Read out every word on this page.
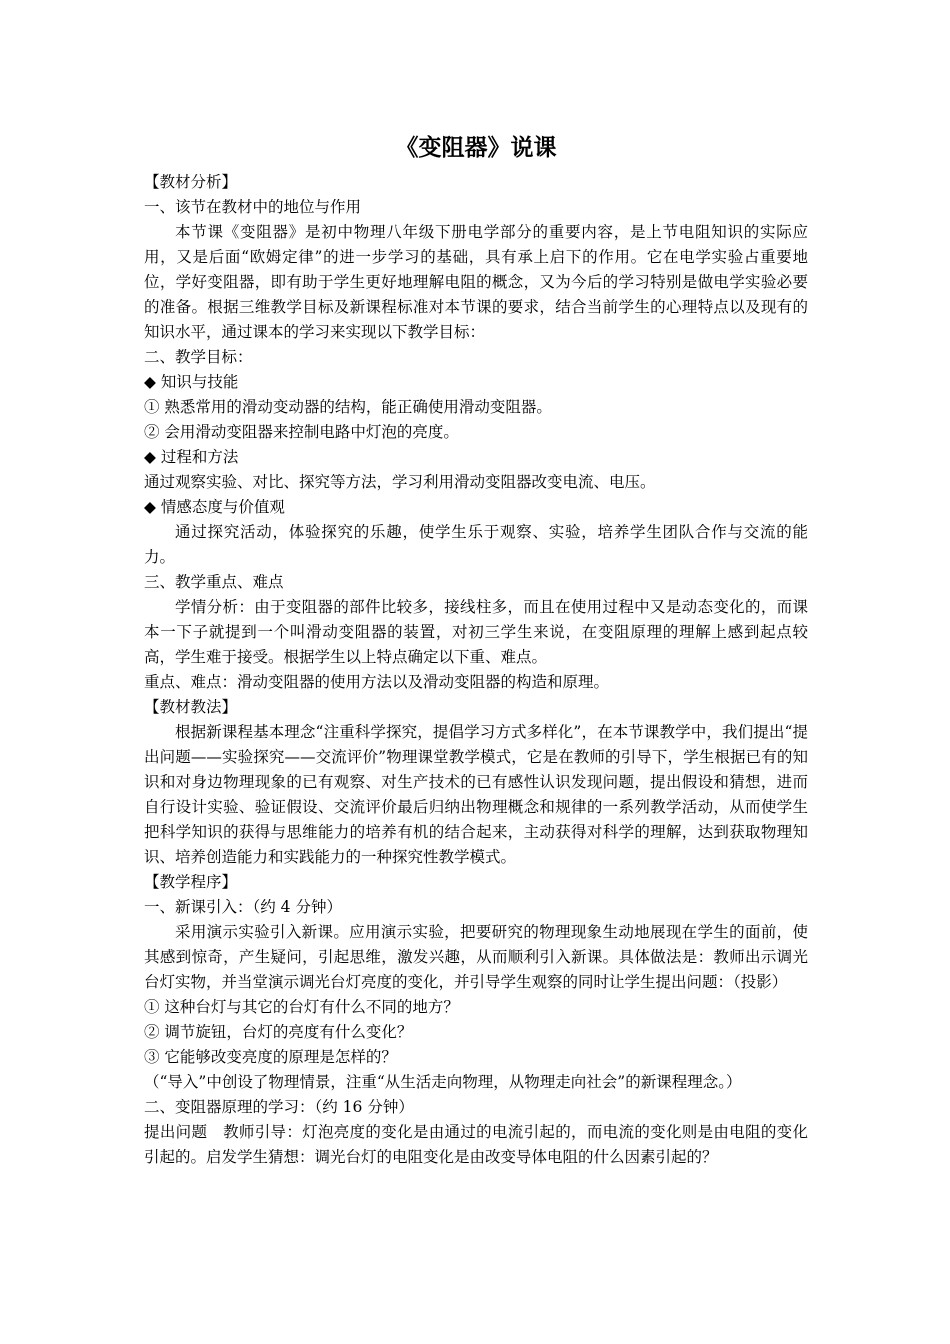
《变阻器》说课

【教材分析】

一、该节在教材中的地位与作用

本节课《变阻器》是初中物理八年级下册电学部分的重要内容，是上节电阻知识的实际应用，又是后面“欧姆定律”的进一步学习的基础，具有承上启下的作用。它在电学实验占重要地位，学好变阻器，即有助于学生更好地理解电阻的概念，又为今后的学习特别是做电学实验必要的准备。根据三维教学目标及新课程标准对本节课的要求，结合当前学生的心理特点以及现有的知识水平，通过课本的学习来实现以下教学目标：

二、教学目标：

◆ 知识与技能

① 熟悉常用的滑动变动器的结构，能正确使用滑动变阻器。

② 会用滑动变阻器来控制电路中灯泡的亮度。

◆ 过程和方法

通过观察实验、对比、探究等方法，学习利用滑动变阻器改变电流、电压。

◆ 情感态度与价值观

通过探究活动，体验探究的乐趣，使学生乐于观察、实验，培养学生团队合作与交流的能力。

三、教学重点、难点

学情分析：由于变阻器的部件比较多，接线柱多，而且在使用过程中又是动态变化的，而课本一下子就提到一个叫滑动变阻器的装置，对初三学生来说，在变阻原理的理解上感到起点较高，学生难于接受。根据学生以上特点确定以下重、难点。

重点、难点：滑动变阻器的使用方法以及滑动变阻器的构造和原理。

【教材教法】

根据新课程基本理念“注重科学探究，提倡学习方式多样化”，在本节课教学中，我们提出“提出问题——实验探究——交流评价”物理课堂教学模式，它是在教师的引导下，学生根据已有的知识和对身边物理现象的已有观察、对生产技术的已有感性认识发现问题，提出假设和猜想，进而自行设计实验、验证假设、交流评价最后归纳出物理概念和规律的一系列教学活动，从而使学生把科学知识的获得与思维能力的培养有机的结合起来，主动获得对科学的理解，达到获取物理知识、培养创造能力和实践能力的一种探究性教学模式。

【教学程序】

一、新课引入：（约 4 分钟）

采用演示实验引入新课。应用演示实验，把要研究的物理现象生动地展现在学生的面前，使其感到惊奇，产生疑问，引起思维，激发兴趣，从而顺利引入新课。具体做法是：教师出示调光台灯实物，并当堂演示调光台灯亮度的变化，并引导学生观察的同时让学生提出问题：（投影）

① 这种台灯与其它的台灯有什么不同的地方？

② 调节旋钮，台灯的亮度有什么变化？

③ 它能够改变亮度的原理是怎样的？

（“导入”中创设了物理情景，注重“从生活走向物理，从物理走向社会”的新课程理念。）

二、变阻器原理的学习：（约 16 分钟）

提出问题　教师引导：灯泡亮度的变化是由通过的电流引起的，而电流的变化则是由电阻的变化引起的。启发学生猜想：调光台灯的电阻变化是由改变导体电阻的什么因素引起的？
